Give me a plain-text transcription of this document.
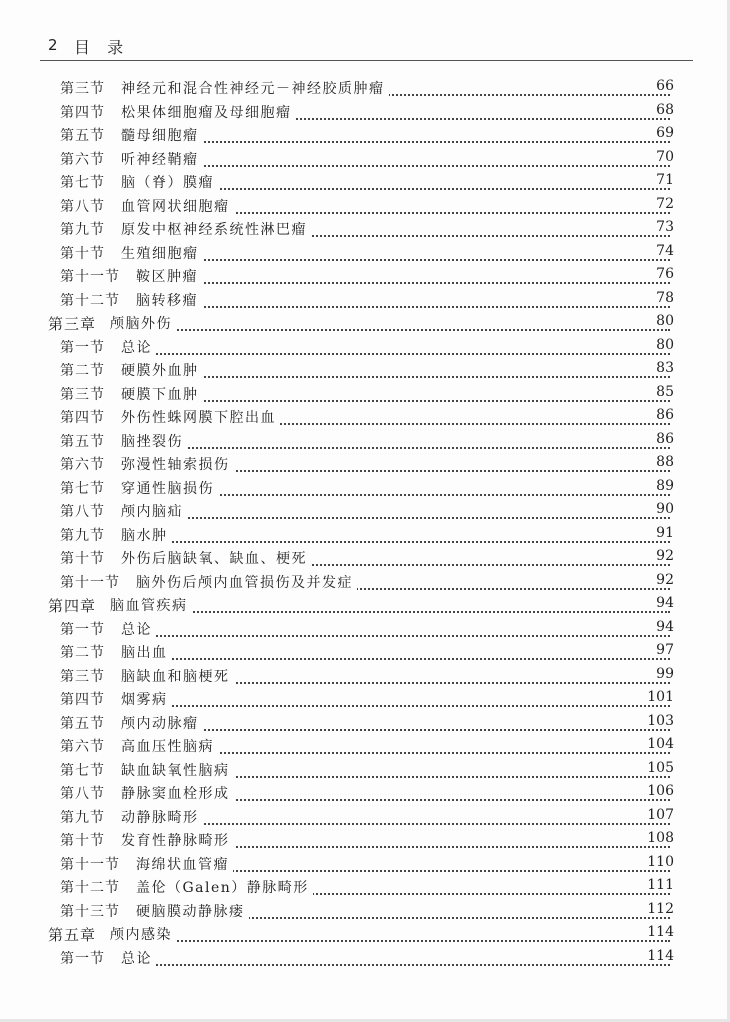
2 目 录
第三节 神经元和混合性神经元－神经胶质肿瘤	66
第四节 松果体细胞瘤及母细胞瘤	68
第五节 髓母细胞瘤	69
第六节 听神经鞘瘤	70
第七节 脑（脊）膜瘤	71
第八节 血管网状细胞瘤	72
第九节 原发中枢神经系统性淋巴瘤	73
第十节 生殖细胞瘤	74
第十一节 鞍区肿瘤	76
第十二节 脑转移瘤	78
第三章 颅脑外伤	80
第一节 总论	80
第二节 硬膜外血肿	83
第三节 硬膜下血肿	85
第四节 外伤性蛛网膜下腔出血	86
第五节 脑挫裂伤	86
第六节 弥漫性轴索损伤	88
第七节 穿通性脑损伤	89
第八节 颅内脑疝	90
第九节 脑水肿	91
第十节 外伤后脑缺氧、缺血、梗死	92
第十一节 脑外伤后颅内血管损伤及并发症	92
第四章 脑血管疾病	94
第一节 总论	94
第二节 脑出血	97
第三节 脑缺血和脑梗死	99
第四节 烟雾病	101
第五节 颅内动脉瘤	103
第六节 高血压性脑病	104
第七节 缺血缺氧性脑病	105
第八节 静脉窦血栓形成	106
第九节 动静脉畸形	107
第十节 发育性静脉畸形	108
第十一节 海绵状血管瘤	110
第十二节 盖伦（Galen）静脉畸形	111
第十三节 硬脑膜动静脉瘘	112
第五章 颅内感染	114
第一节 总论	114
